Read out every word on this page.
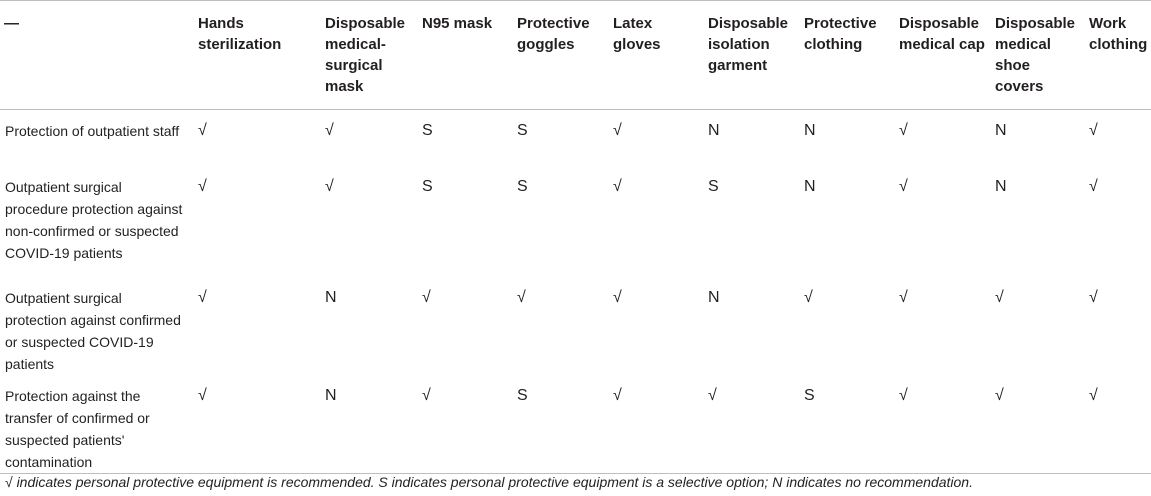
—	Hands sterilization	Disposable medical-surgical mask	N95 mask	Protective goggles	Latex gloves	Disposable isolation garment	Protective clothing	Disposable medical cap	Disposable medical shoe covers	Work clothing
Protection of outpatient staff	√	√	S	S	√	N	N	√	N	√
Outpatient surgical procedure protection against non-confirmed or suspected COVID-19 patients	√	√	S	S	√	S	N	√	N	√
Outpatient surgical protection against confirmed or suspected COVID-19 patients	√	N	√	√	√	N	√	√	√	√
Protection against the transfer of confirmed or suspected patients' contamination	√	N	√	S	√	√	S	√	√	√
√ indicates personal protective equipment is recommended. S indicates personal protective equipment is a selective option; N indicates no recommendation.
